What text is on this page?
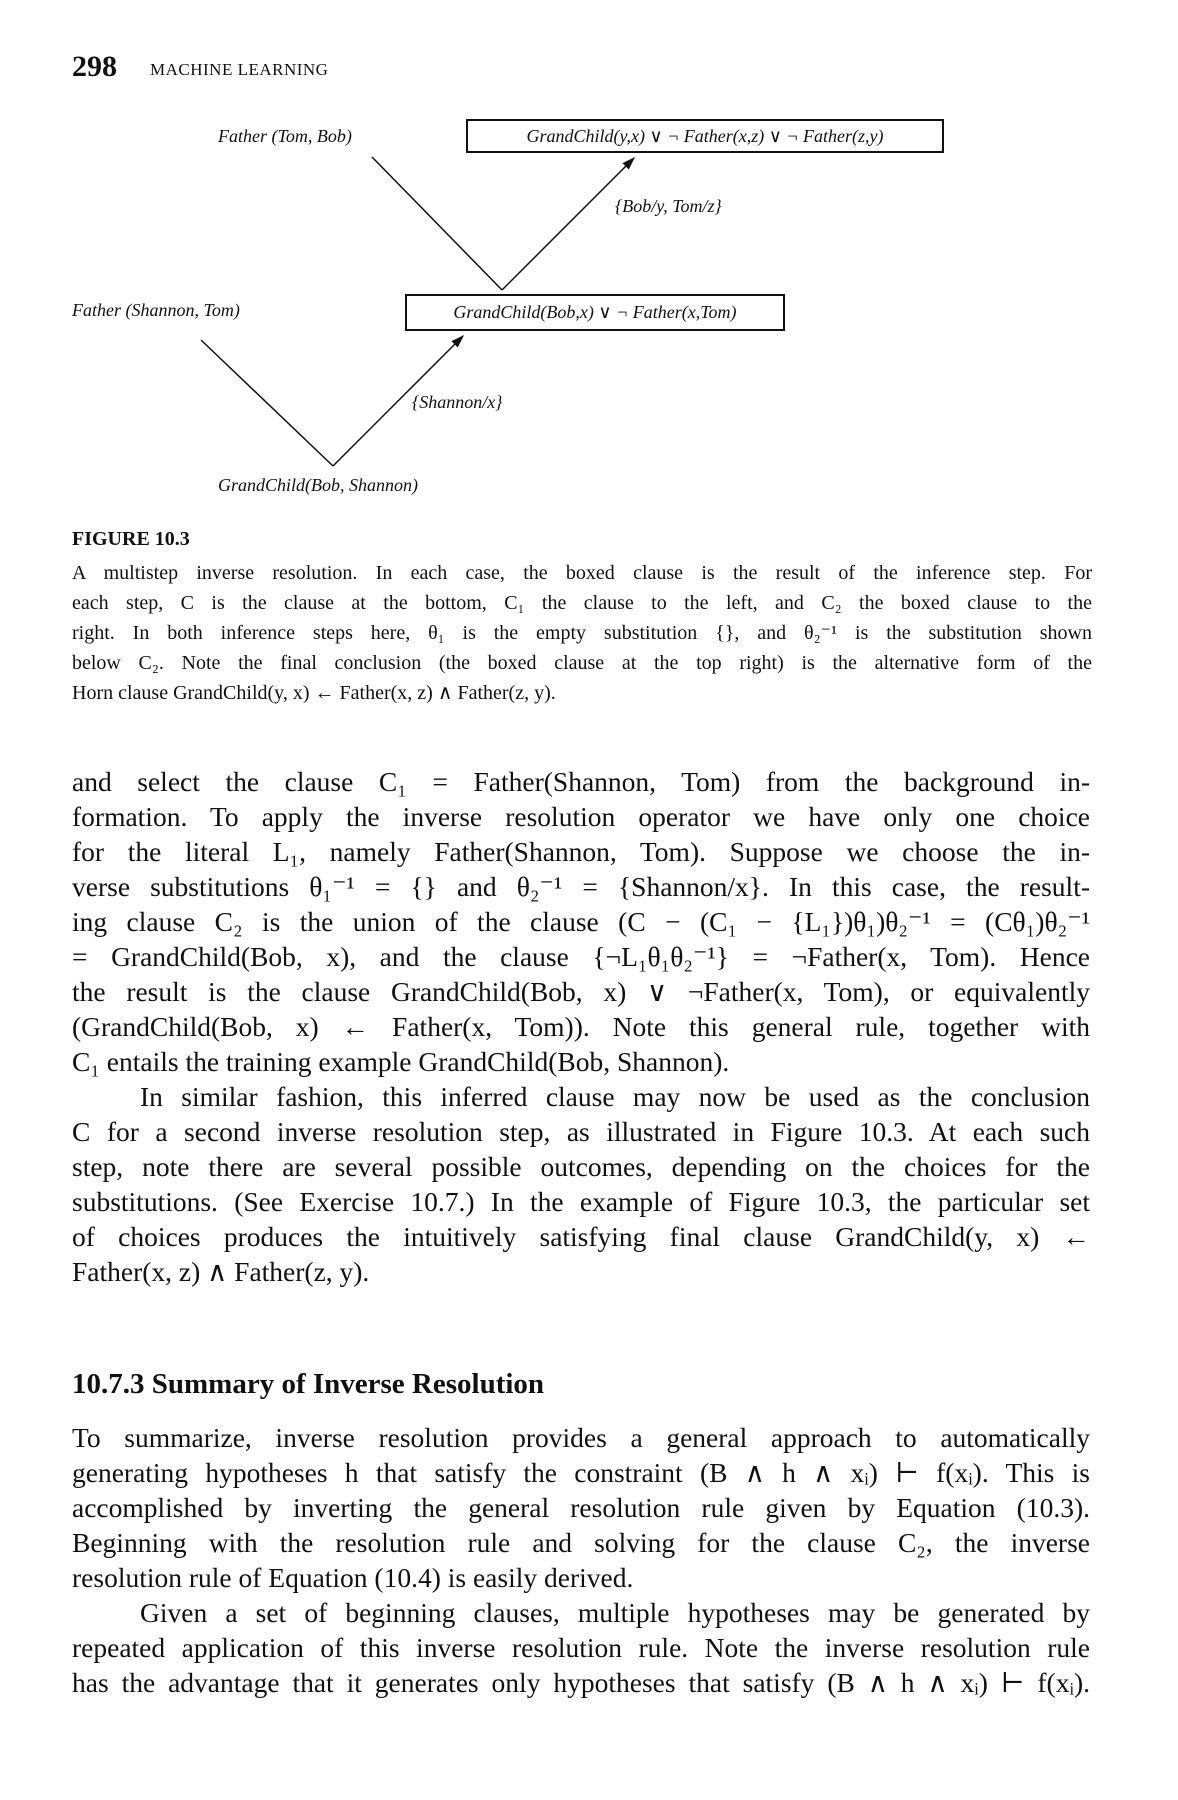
298 MACHINE LEARNING
Father (Tom, Bob)	GrandChild(y,x) ∨ ¬ Father(x,z) ∨ ¬ Father(z,y)
{Bob/y, Tom/z}
Father (Shannon, Tom)	GrandChild(Bob,x) ∨ ¬ Father(x,Tom)
{Shannon/x}
GrandChild(Bob, Shannon)
FIGURE 10.3
A multistep inverse resolution. In each case, the boxed clause is the result of the inference step. For
each step, C is the clause at the bottom, C₁ the clause to the left, and C₂ the boxed clause to the
right. In both inference steps here, θ₁ is the empty substitution {}, and θ₂⁻¹ is the substitution shown
below C₂. Note the final conclusion (the boxed clause at the top right) is the alternative form of the
Horn clause GrandChild(y, x) ← Father(x, z) ∧ Father(z, y).
and select the clause C₁ = Father(Shannon, Tom) from the background in-
formation. To apply the inverse resolution operator we have only one choice
for the literal L₁, namely Father(Shannon, Tom). Suppose we choose the in-
verse substitutions θ₁⁻¹ = {} and θ₂⁻¹ = {Shannon/x}. In this case, the result-
ing clause C₂ is the union of the clause (C − (C₁ − {L₁})θ₁)θ₂⁻¹ = (Cθ₁)θ₂⁻¹
= GrandChild(Bob, x), and the clause {¬L₁θ₁θ₂⁻¹} = ¬Father(x, Tom). Hence
the result is the clause GrandChild(Bob, x) ∨ ¬Father(x, Tom), or equivalently
(GrandChild(Bob, x) ← Father(x, Tom)). Note this general rule, together with
C₁ entails the training example GrandChild(Bob, Shannon).
In similar fashion, this inferred clause may now be used as the conclusion
C for a second inverse resolution step, as illustrated in Figure 10.3. At each such
step, note there are several possible outcomes, depending on the choices for the
substitutions. (See Exercise 10.7.) In the example of Figure 10.3, the particular set
of choices produces the intuitively satisfying final clause GrandChild(y, x) ←
Father(x, z) ∧ Father(z, y).
10.7.3 Summary of Inverse Resolution
To summarize, inverse resolution provides a general approach to automatically
generating hypotheses h that satisfy the constraint (B ∧ h ∧ xᵢ) ⊢ f(xᵢ). This is
accomplished by inverting the general resolution rule given by Equation (10.3).
Beginning with the resolution rule and solving for the clause C₂, the inverse
resolution rule of Equation (10.4) is easily derived.
Given a set of beginning clauses, multiple hypotheses may be generated by
repeated application of this inverse resolution rule. Note the inverse resolution rule
has the advantage that it generates only hypotheses that satisfy (B ∧ h ∧ xᵢ) ⊢ f(xᵢ).
